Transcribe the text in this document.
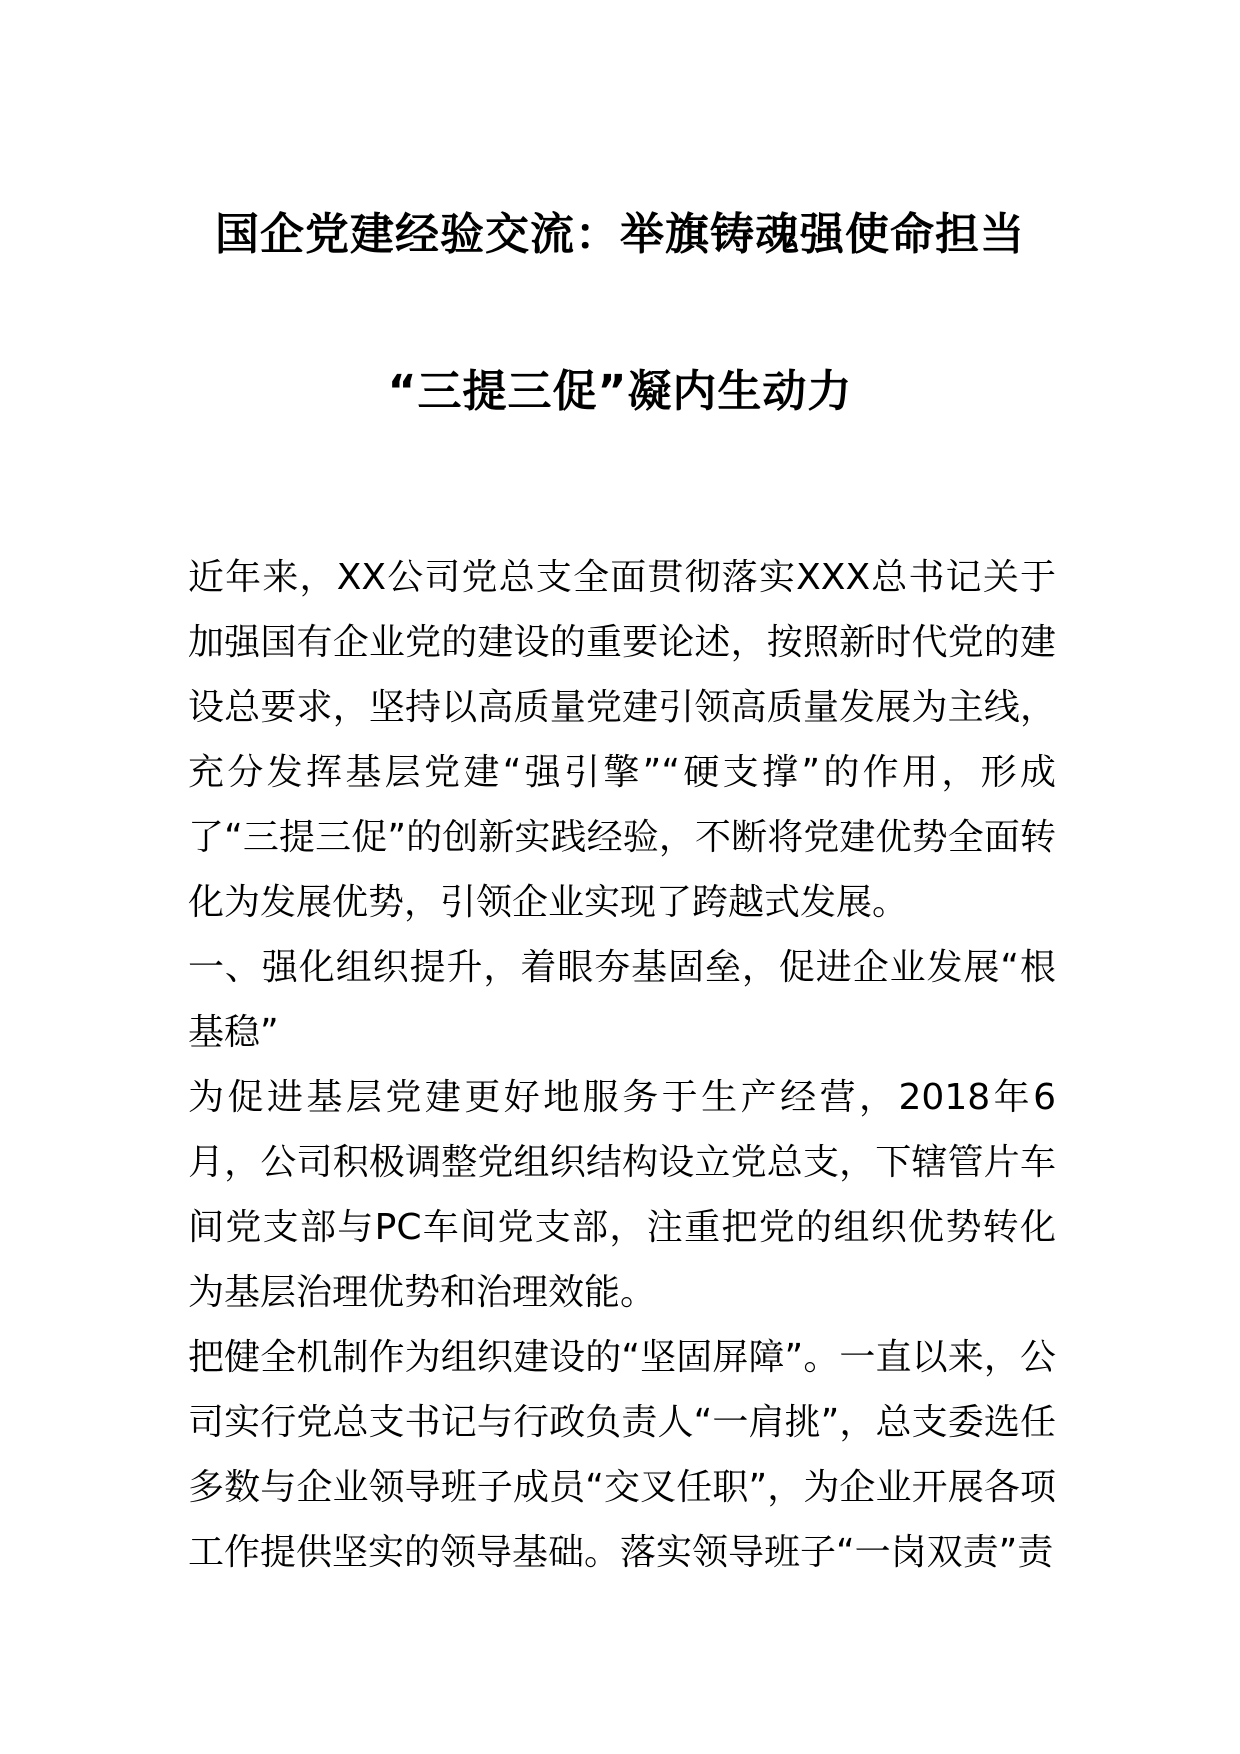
国企党建经验交流：举旗铸魂强使命担当
“三提三促”凝内生动力

近年来，XX公司党总支全面贯彻落实XXX总书记关于加强国有企业党的建设的重要论述，按照新时代党的建设总要求，坚持以高质量党建引领高质量发展为主线，充分发挥基层党建“强引擎”“硬支撑”的作用，形成了“三提三促”的创新实践经验，不断将党建优势全面转化为发展优势，引领企业实现了跨越式发展。

一、强化组织提升，着眼夯基固垒，促进企业发展“根基稳”

为促进基层党建更好地服务于生产经营，2018年6月，公司积极调整党组织结构设立党总支，下辖管片车间党支部与PC车间党支部，注重把党的组织优势转化为基层治理优势和治理效能。

把健全机制作为组织建设的“坚固屏障”。一直以来，公司实行党总支书记与行政负责人“一肩挑”，总支委选任多数与企业领导班子成员“交叉任职”，为企业开展各项工作提供坚实的领导基础。落实领导班子“一岗双责”责
